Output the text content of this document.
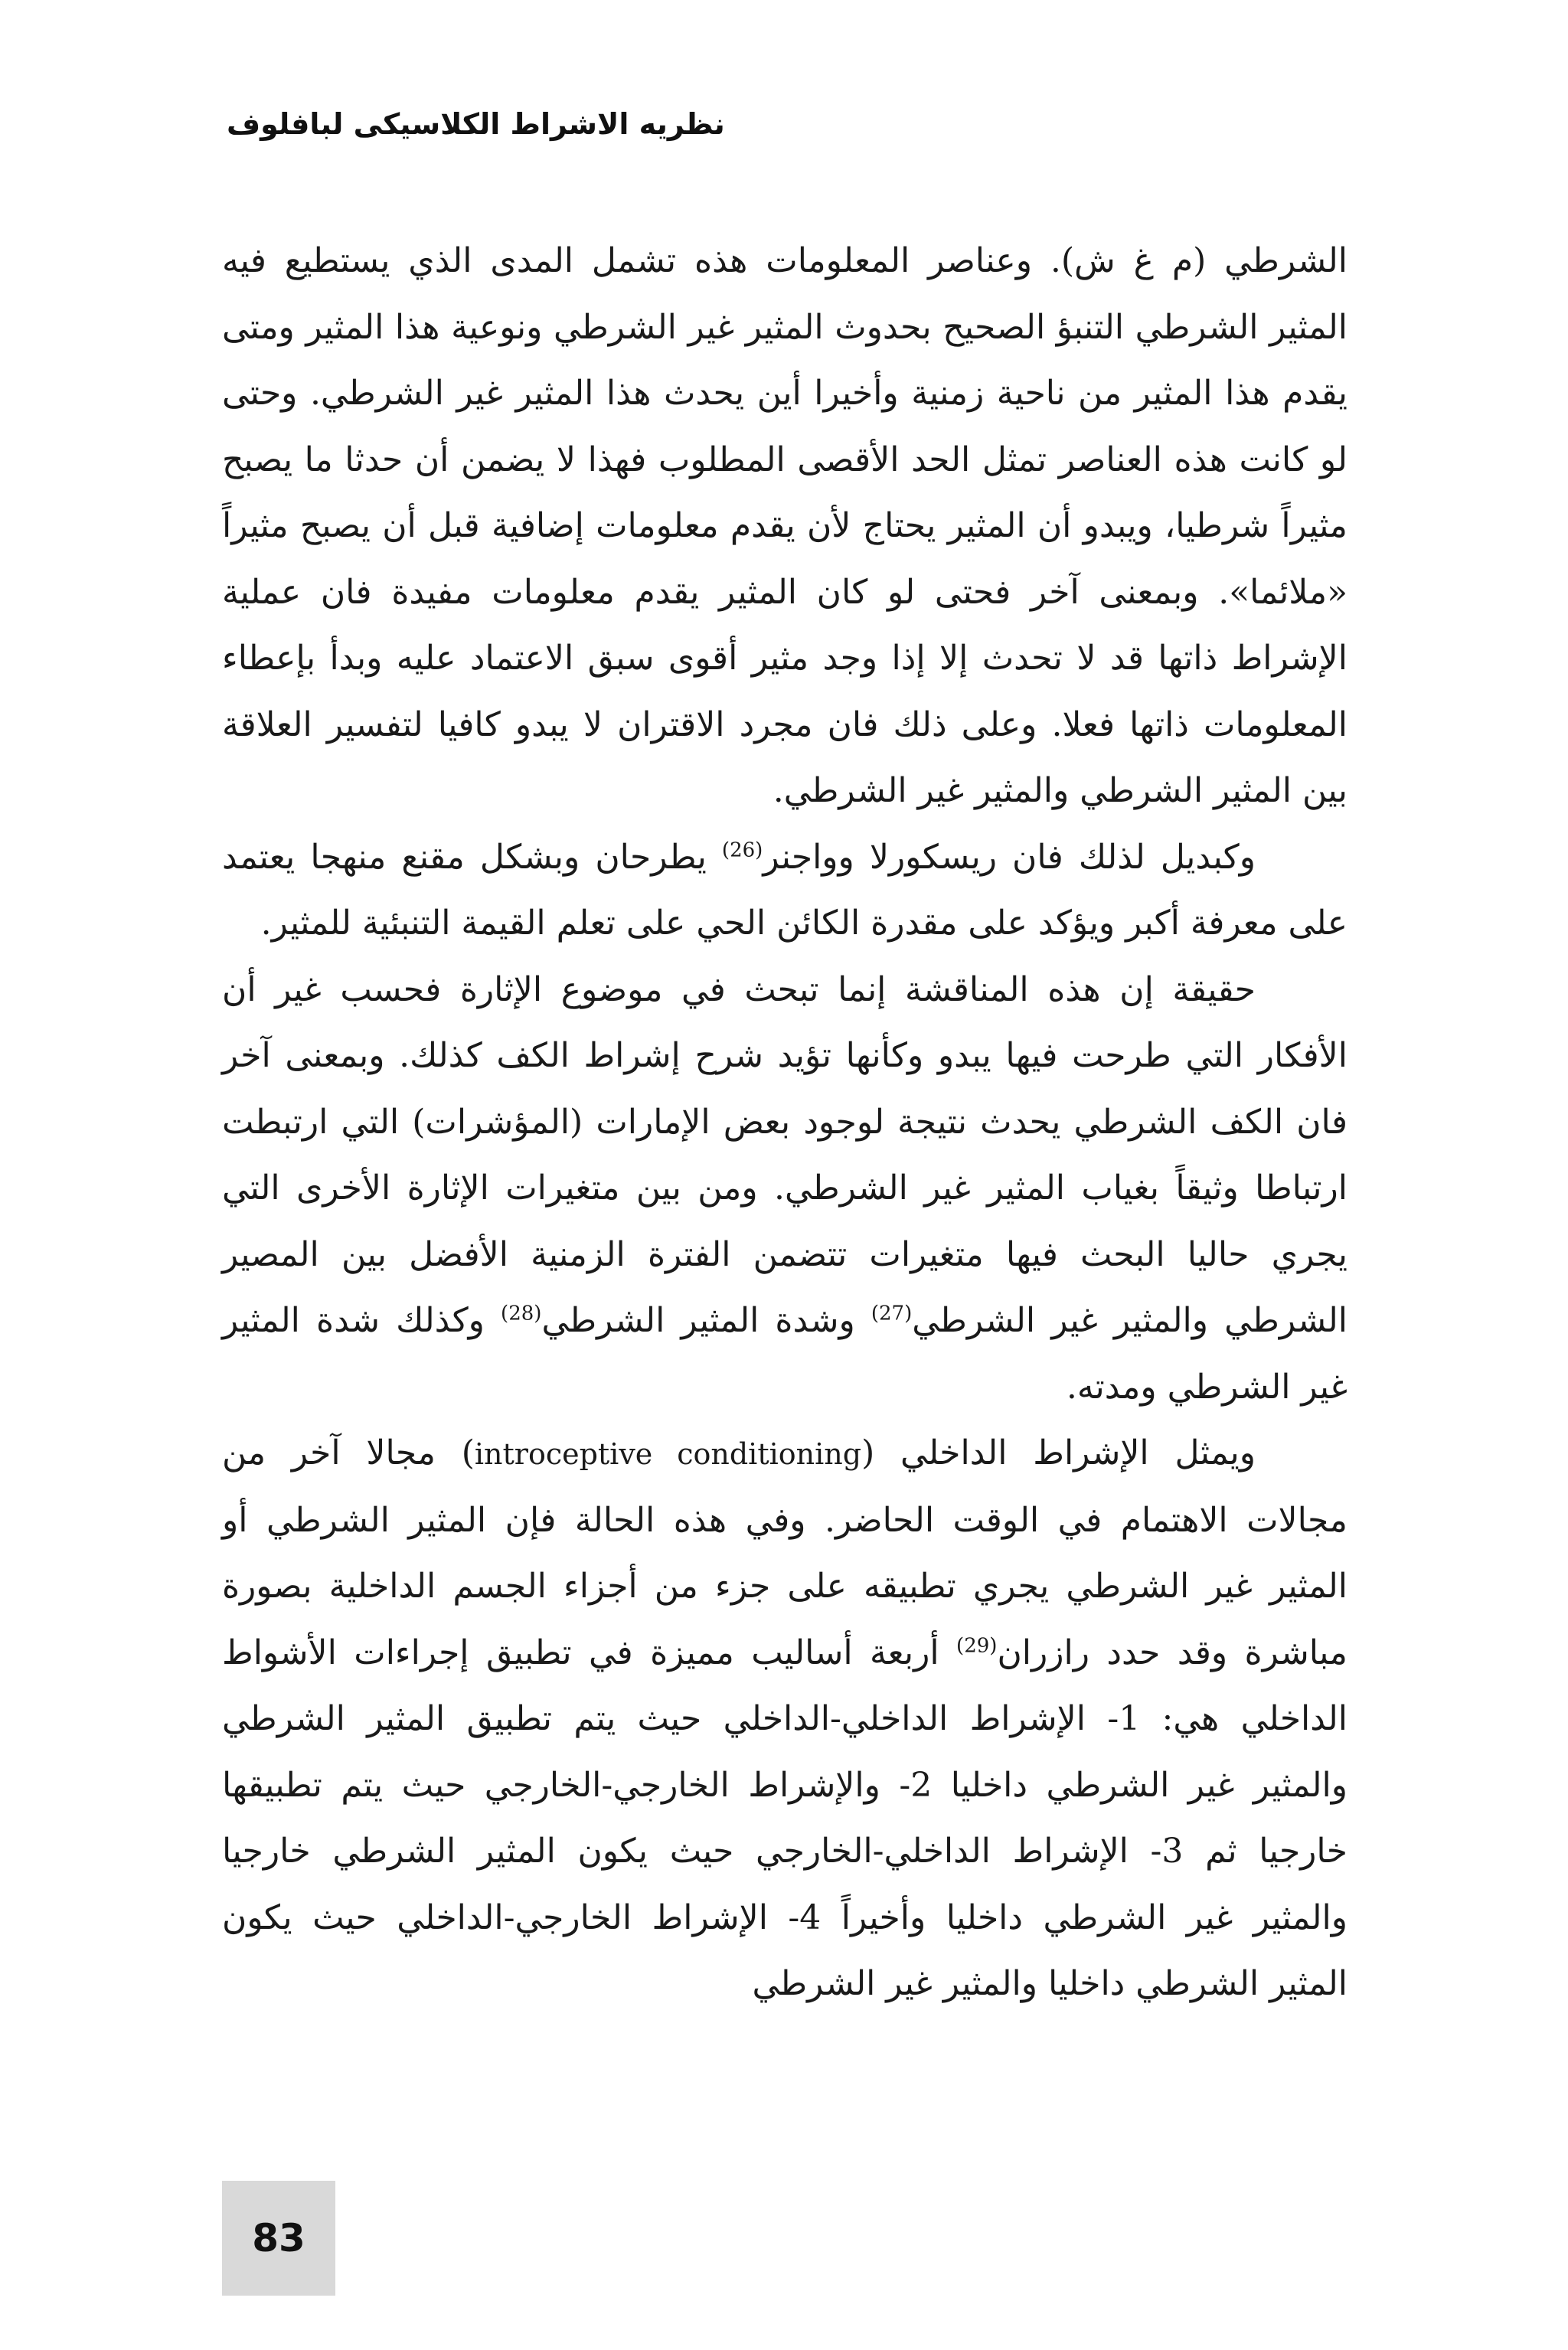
نظريه الاشراط الكلاسيكى لبافلوف

الشرطي (م غ ش). وعناصر المعلومات هذه تشمل المدى الذي يستطيع فيه المثير الشرطي التنبؤ الصحيح بحدوث المثير غير الشرطي ونوعية هذا المثير ومتى يقدم هذا المثير من ناحية زمنية وأخيرا أين يحدث هذا المثير غير الشرطي. وحتى لو كانت هذه العناصر تمثل الحد الأقصى المطلوب فهذا لا يضمن أن حدثا ما يصبح مثيراً شرطيا، ويبدو أن المثير يحتاج لأن يقدم معلومات إضافية قبل أن يصبح مثيراً «ملائما». وبمعنى آخر فحتى لو كان المثير يقدم معلومات مفيدة فان عملية الإشراط ذاتها قد لا تحدث إلا إذا وجد مثير أقوى سبق الاعتماد عليه وبدأ بإعطاء المعلومات ذاتها فعلا. وعلى ذلك فان مجرد الاقتران لا يبدو كافيا لتفسير العلاقة بين المثير الشرطي والمثير غير الشرطي.

وكبديل لذلك فان ريسكورلا وواجنر$^{(26)}$ يطرحان وبشكل مقنع منهجا يعتمد على معرفة أكبر ويؤكد على مقدرة الكائن الحي على تعلم القيمة التنبئية للمثير.

حقيقة إن هذه المناقشة إنما تبحث في موضوع الإثارة فحسب غير أن الأفكار التي طرحت فيها يبدو وكأنها تؤيد شرح إشراط الكف كذلك. وبمعنى آخر فان الكف الشرطي يحدث نتيجة لوجود بعض الإمارات (المؤشرات) التي ارتبطت ارتباطا وثيقاً بغياب المثير غير الشرطي. ومن بين متغيرات الإثارة الأخرى التي يجري حاليا البحث فيها متغيرات تتضمن الفترة الزمنية الأفضل بين المصير الشرطي والمثير غير الشرطي$^{(27)}$ وشدة المثير الشرطي$^{(28)}$ وكذلك شدة المثير غير الشرطي ومدته.

ويمثل الإشراط الداخلي (introceptive conditioning) مجالا آخر من مجالات الاهتمام في الوقت الحاضر. وفي هذه الحالة فإن المثير الشرطي أو المثير غير الشرطي يجري تطبيقه على جزء من أجزاء الجسم الداخلية بصورة مباشرة وقد حدد رازران$^{(29)}$ أربعة أساليب مميزة في تطبيق إجراءات الأشواط الداخلي هي: 1- الإشراط الداخلي-الداخلي حيث يتم تطبيق المثير الشرطي والمثير غير الشرطي داخليا 2- والإشراط الخارجي-الخارجي حيث يتم تطبيقها خارجيا ثم 3- الإشراط الداخلي-الخارجي حيث يكون المثير الشرطي خارجيا والمثير غير الشرطي داخليا وأخيراً 4- الإشراط الخارجي-الداخلي حيث يكون المثير الشرطي داخليا والمثير غير الشرطي

83
